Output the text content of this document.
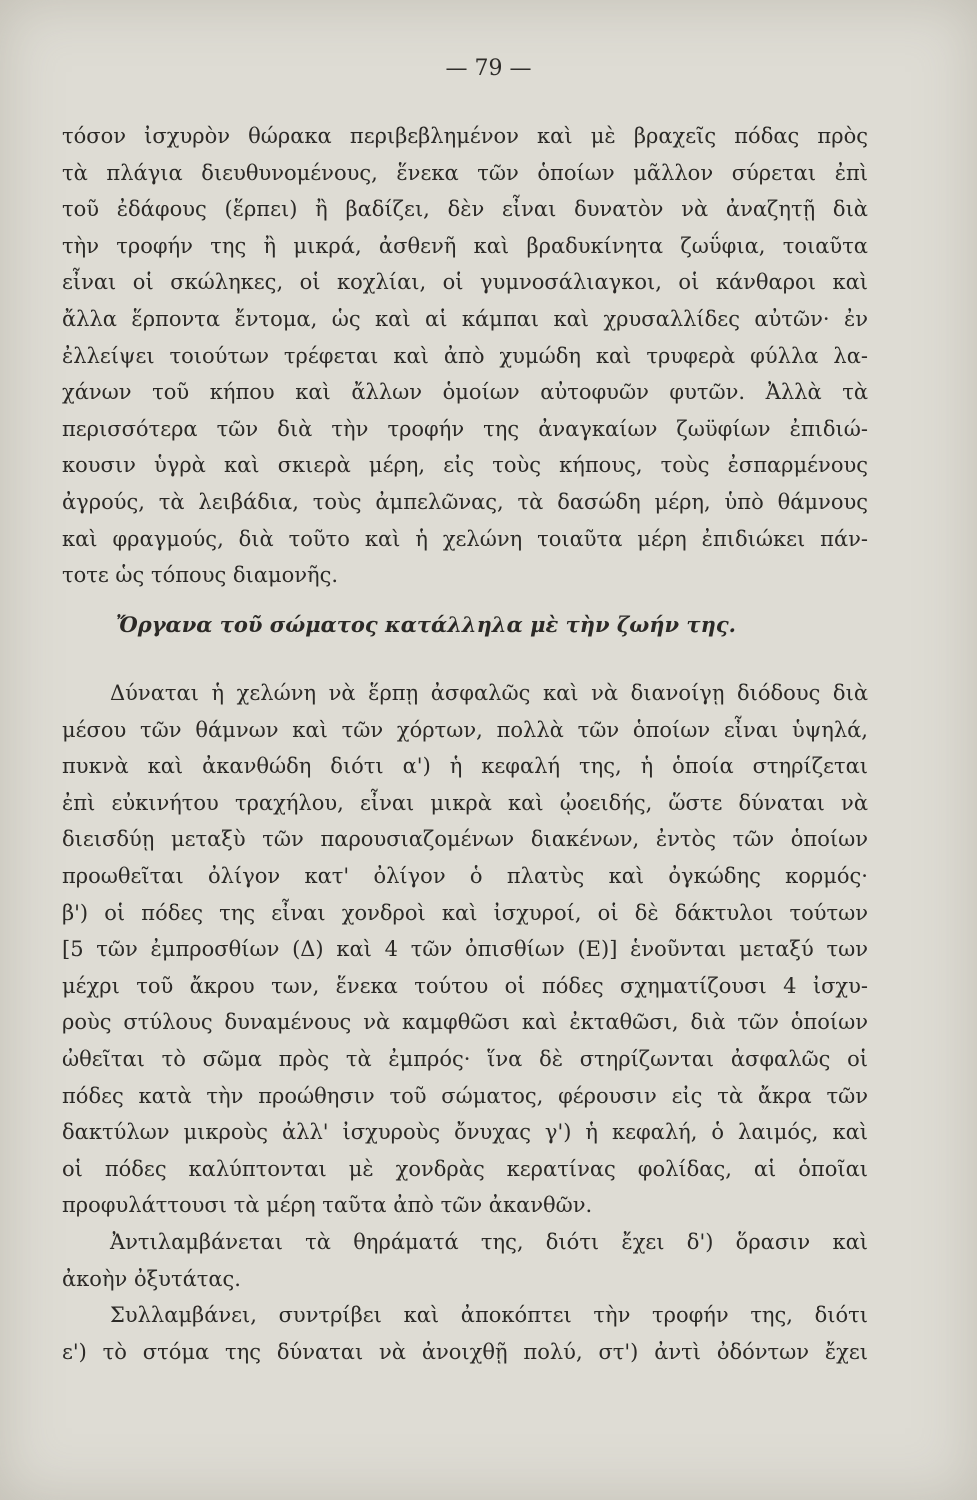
— 79 —
τόσον ἰσχυρὸν θώρακα περιβεβλημένον καὶ μὲ βραχεῖς πόδας πρὸς
τὰ πλάγια διευθυνομένους, ἕνεκα τῶν ὁποίων μᾶλλον σύρεται ἐπὶ
τοῦ ἐδάφους (ἕρπει) ἢ βαδίζει, δὲν εἶναι δυνατὸν νὰ ἀναζητῇ διὰ
τὴν τροφήν της ἢ μικρά, ἀσθενῆ καὶ βραδυκίνητα ζωΰφια, τοιαῦτα
εἶναι οἱ σκώληκες, οἱ κοχλίαι, οἱ γυμνοσάλιαγκοι, οἱ κάνθαροι καὶ
ἄλλα ἕρποντα ἔντομα, ὡς καὶ αἱ κάμπαι καὶ χρυσαλλίδες αὐτῶν· ἐν
ἐλλείψει τοιούτων τρέφεται καὶ ἀπὸ χυμώδη καὶ τρυφερὰ φύλλα λα-
χάνων τοῦ κήπου καὶ ἄλλων ὁμοίων αὐτοφυῶν φυτῶν. Ἀλλὰ τὰ
περισσότερα τῶν διὰ τὴν τροφήν της ἀναγκαίων ζωϋφίων ἐπιδιώ-
κουσιν ὑγρὰ καὶ σκιερὰ μέρη, εἰς τοὺς κήπους, τοὺς ἐσπαρμένους
ἀγρούς, τὰ λειβάδια, τοὺς ἀμπελῶνας, τὰ δασώδη μέρη, ὑπὸ θάμνους
καὶ φραγμούς, διὰ τοῦτο καὶ ἡ χελώνη τοιαῦτα μέρη ἐπιδιώκει πάν-
τοτε ὡς τόπους διαμονῆς.
Ὄργανα τοῦ σώματος κατάλληλα μὲ τὴν ζωήν της.
Δύναται ἡ χελώνη νὰ ἕρπῃ ἀσφαλῶς καὶ νὰ διανοίγῃ διόδους διὰ
μέσου τῶν θάμνων καὶ τῶν χόρτων, πολλὰ τῶν ὁποίων εἶναι ὑψηλά,
πυκνὰ καὶ ἀκανθώδη διότι α') ἡ κεφαλή της, ἡ ὁποία στηρίζεται
ἐπὶ εὐκινήτου τραχήλου, εἶναι μικρὰ καὶ ᾠοειδής, ὥστε δύναται νὰ
διεισδύῃ μεταξὺ τῶν παρουσιαζομένων διακένων, ἐντὸς τῶν ὁποίων
προωθεῖται ὀλίγον κατ' ὀλίγον ὁ πλατὺς καὶ ὀγκώδης κορμός·
β') οἱ πόδες της εἶναι χονδροὶ καὶ ἰσχυροί, οἱ δὲ δάκτυλοι τούτων
[5 τῶν ἐμπροσθίων (Δ) καὶ 4 τῶν ὀπισθίων (Ε)] ἑνοῦνται μεταξύ των
μέχρι τοῦ ἄκρου των, ἕνεκα τούτου οἱ πόδες σχηματίζουσι 4 ἰσχυ-
ροὺς στύλους δυναμένους νὰ καμφθῶσι καὶ ἐκταθῶσι, διὰ τῶν ὁποίων
ὠθεῖται τὸ σῶμα πρὸς τὰ ἐμπρός· ἵνα δὲ στηρίζωνται ἀσφαλῶς οἱ
πόδες κατὰ τὴν προώθησιν τοῦ σώματος, φέρουσιν εἰς τὰ ἄκρα τῶν
δακτύλων μικροὺς ἀλλ' ἰσχυροὺς ὄνυχας γ') ἡ κεφαλή, ὁ λαιμός, καὶ
οἱ πόδες καλύπτονται μὲ χονδρὰς κερατίνας φολίδας, αἱ ὁποῖαι
προφυλάττουσι τὰ μέρη ταῦτα ἀπὸ τῶν ἀκανθῶν.
Ἀντιλαμβάνεται τὰ θηράματά της, διότι ἔχει δ') ὅρασιν καὶ
ἀκοὴν ὀξυτάτας.
Συλλαμβάνει, συντρίβει καὶ ἀποκόπτει τὴν τροφήν της, διότι
ε') τὸ στόμα της δύναται νὰ ἀνοιχθῇ πολύ, στ') ἀντὶ ὀδόντων ἔχει
